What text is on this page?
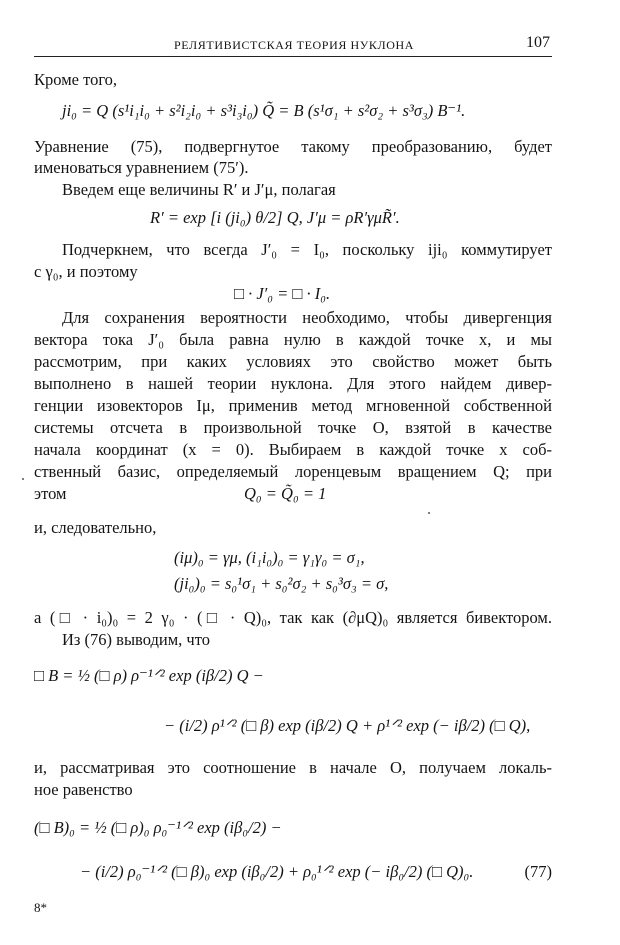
РЕЛЯТИВИСТСКАЯ ТЕОРИЯ НУКЛОНА	107
Кроме того,
ji₀ = Q (s¹i₁i₀ + s²i₂i₀ + s³i₃i₀) Q̃ = B (s¹σ₁ + s²σ₂ + s³σ₃) B⁻¹.
Уравнение (75), подвергнутое такому преобразованию, будет
именоваться уравнением (75′).
Введем еще величины R′ и J′μ, полагая
R′ = exp [i (ji₀) θ/2] Q, J′μ = ρR′γμR̃′.
Подчеркнем, что всегда J′₀ = I₀, поскольку iji₀ коммутирует
с γ₀, и поэтому
□ · J′₀ = □ · I₀.
Для сохранения вероятности необходимо, чтобы дивергенция
вектора тока J′₀ была равна нулю в каждой точке x, и мы
рассмотрим, при каких условиях это свойство может быть
выполнено в нашей теории нуклона. Для этого найдем дивер-
генции изовекторов Iμ, применив метод мгновенной собственной
системы отсчета в произвольной точке O, взятой в качестве
начала координат (x = 0). Выбираем в каждой точке x соб-
ственный базис, определяемый лоренцевым вращением Q; при
этом	Q₀ = Q̃₀ = 1
и, следовательно,
(iμ)₀ = γμ, (i₁i₀)₀ = γ₁γ₀ = σ₁,
(ji₀)₀ = s₀¹σ₁ + s₀²σ₂ + s₀³σ₃ = σ,
а (□ · i₀)₀ = 2 γ₀ · (□ · Q)₀, так как (∂μQ)₀ является бивектором.
Из (76) выводим, что
□ B = ½ (□ ρ) ρ⁻¹ᐟ² exp (iβ/2) Q −
− (i/2) ρ¹ᐟ² (□ β) exp (iβ/2) Q + ρ¹ᐟ² exp (− iβ/2) (□ Q),
и, рассматривая это соотношение в начале O, получаем локаль-
ное равенство
(□ B)₀ = ½ (□ ρ)₀ ρ₀⁻¹ᐟ² exp (iβ₀/2) −
− (i/2) ρ₀⁻¹ᐟ² (□ β)₀ exp (iβ₀/2) + ρ₀¹ᐟ² exp (− iβ₀/2) (□ Q)₀.	(77)
8*
